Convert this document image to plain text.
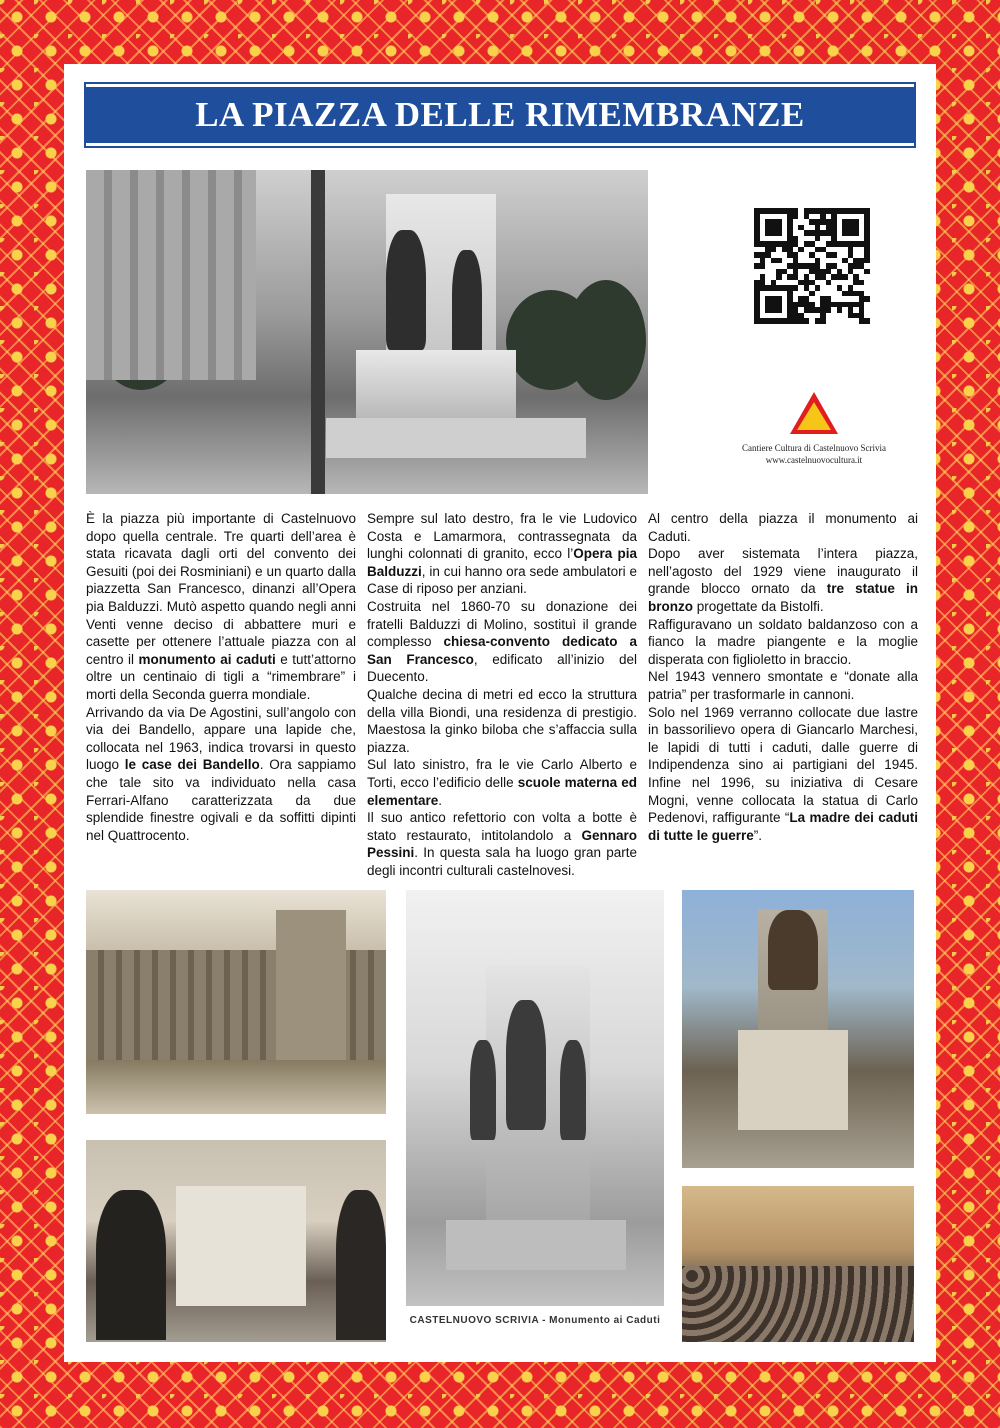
LA PIAZZA DELLE RIMEMBRANZE
Cantiere Cultura di Castelnuovo Scrivia
www.castelnuovocultura.it

È la piazza più importante di Castelnuovo dopo quella centrale. Tre quarti dell’area è stata ricavata dagli orti del convento dei Gesuiti (poi dei Rosminiani) e un quarto dalla piazzetta San Francesco, dinanzi all’Opera pia Balduzzi. Mutò aspetto quando negli anni Venti venne deciso di abbattere muri e casette per ottenere l’attuale piazza con al centro il monumento ai caduti e tutt’attorno oltre un centinaio di tigli a “rimembrare” i morti della Seconda guerra mondiale.

Arrivando da via De Agostini, sull’angolo con via dei Bandello, appare una lapide che, collocata nel 1963, indica trovarsi in questo luogo le case dei Bandello. Ora sappiamo che tale sito va individuato nella casa Ferrari-Alfano caratterizzata da due splendide finestre ogivali e da soffitti dipinti nel Quattrocento.

Sempre sul lato destro, fra le vie Ludovico Costa e Lamarmora, contrassegnata da lunghi colonnati di granito, ecco l’Opera pia Balduzzi, in cui hanno ora sede ambulatori e Case di riposo per anziani.

Costruita nel 1860-70 su donazione dei fratelli Balduzzi di Molino, sostituì il grande complesso chiesa-convento dedicato a San Francesco, edificato all’inizio del Duecento.

Qualche decina di metri ed ecco la struttura della villa Biondi, una residenza di prestigio. Maestosa la ginko biloba che s’affaccia sulla piazza.

Sul lato sinistro, fra le vie Carlo Alberto e Torti, ecco l’edificio delle scuole materna ed elementare.

Il suo antico refettorio con volta a botte è stato restaurato, intitolandolo a Gennaro Pessini. In questa sala ha luogo gran parte degli incontri culturali castelnovesi.

Al centro della piazza il monumento ai Caduti.

Dopo aver sistemata l’intera piazza, nell’agosto del 1929 viene inaugurato il grande blocco ornato da tre statue in bronzo progettate da Bistolfi.

Raffiguravano un soldato baldanzoso con a fianco la madre piangente e la moglie disperata con figlioletto in braccio.

Nel 1943 vennero smontate e “donate alla patria” per trasformarle in cannoni.

Solo nel 1969 verranno collocate due lastre in bassorilievo opera di Giancarlo Marchesi, le lapidi di tutti i caduti, dalle guerre di Indipendenza sino ai partigiani del 1945. Infine nel 1996, su iniziativa di Cesare Mogni, venne collocata la statua di Carlo Pedenovi, raffigurante “La madre dei caduti di tutte le guerre”.

CASTELNUOVO SCRIVIA - Monumento ai Caduti
